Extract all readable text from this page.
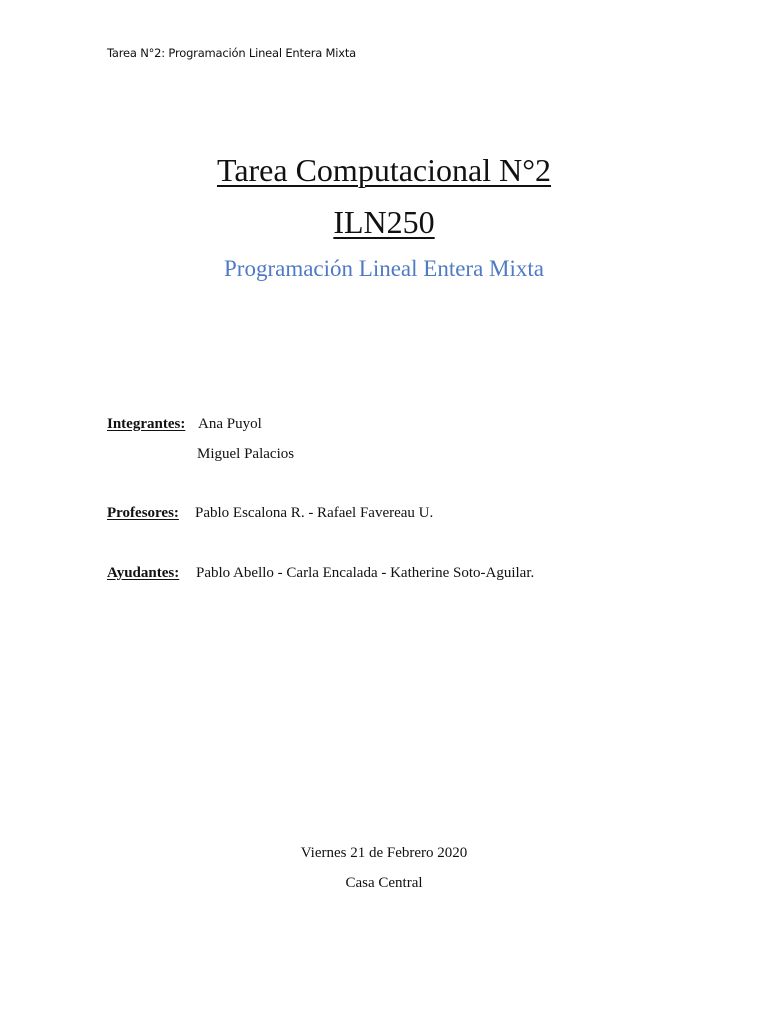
Tarea N°2: Programación Lineal Entera Mixta
Tarea Computacional N°2
ILN250
Programación Lineal Entera Mixta
Integrantes: Ana Puyol
Miguel Palacios
Profesores: Pablo Escalona R. - Rafael Favereau U.
Ayudantes: Pablo Abello - Carla Encalada - Katherine Soto-Aguilar.
Viernes 21 de Febrero 2020
Casa Central
